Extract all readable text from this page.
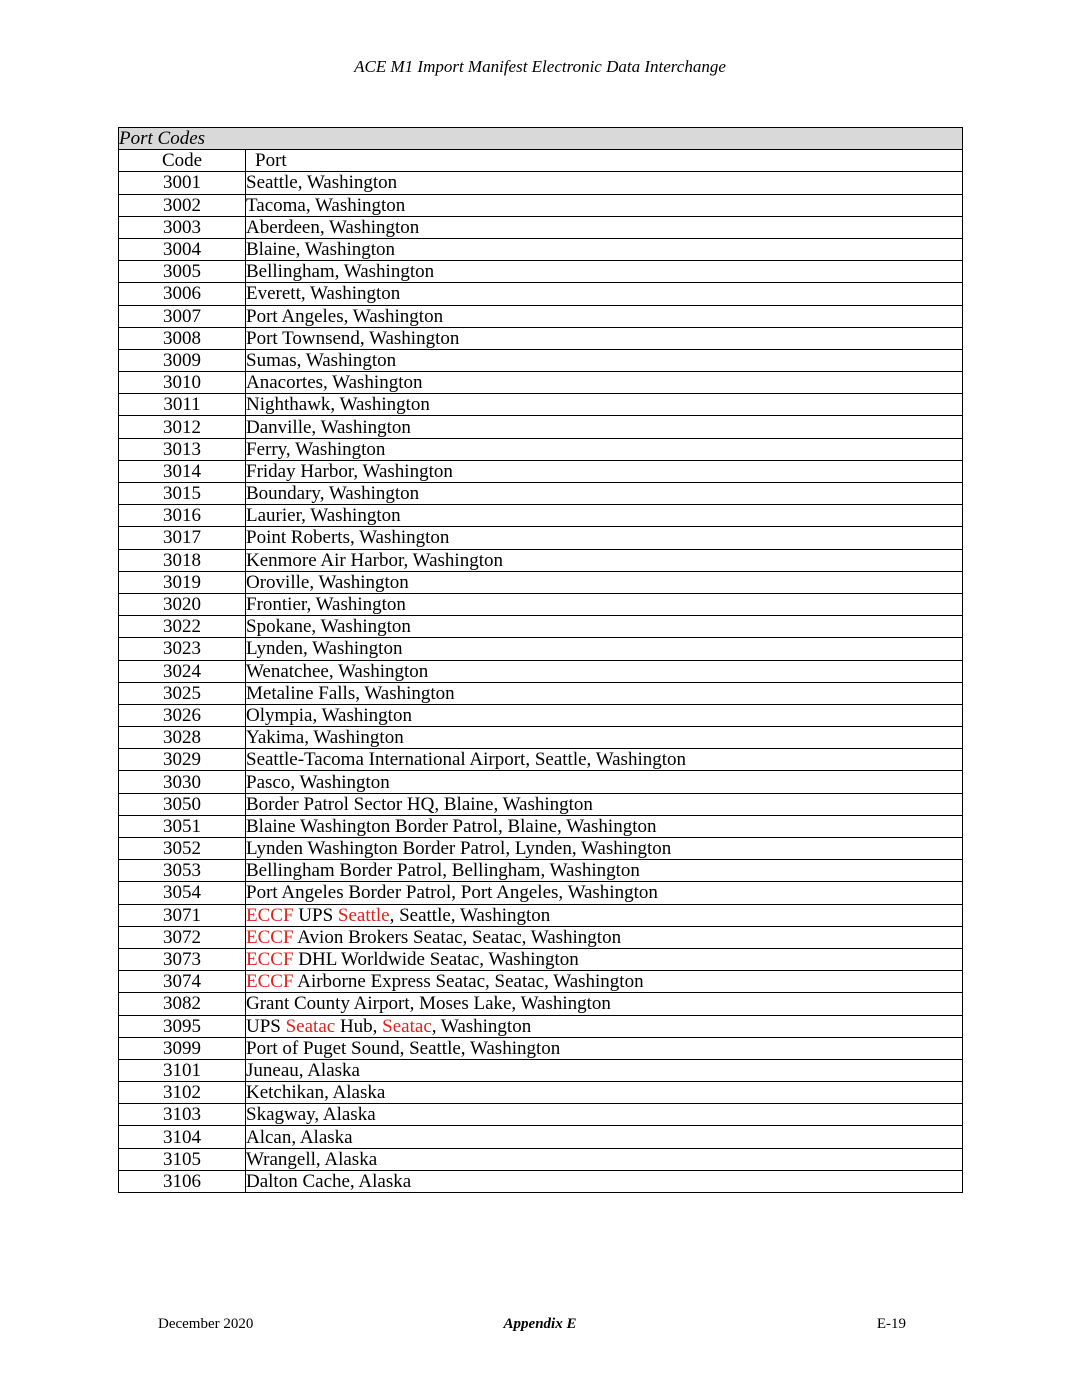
ACE M1 Import Manifest Electronic Data Interchange
Port Codes	
Code	Port
3001	Seattle, Washington
3002	Tacoma, Washington
3003	Aberdeen, Washington
3004	Blaine, Washington
3005	Bellingham, Washington
3006	Everett, Washington
3007	Port Angeles, Washington
3008	Port Townsend, Washington
3009	Sumas, Washington
3010	Anacortes, Washington
3011	Nighthawk, Washington
3012	Danville, Washington
3013	Ferry, Washington
3014	Friday Harbor, Washington
3015	Boundary, Washington
3016	Laurier, Washington
3017	Point Roberts, Washington
3018	Kenmore Air Harbor, Washington
3019	Oroville, Washington
3020	Frontier, Washington
3022	Spokane, Washington
3023	Lynden, Washington
3024	Wenatchee, Washington
3025	Metaline Falls, Washington
3026	Olympia, Washington
3028	Yakima, Washington
3029	Seattle-Tacoma International Airport, Seattle, Washington
3030	Pasco, Washington
3050	Border Patrol Sector HQ, Blaine, Washington
3051	Blaine Washington Border Patrol, Blaine, Washington
3052	Lynden Washington Border Patrol, Lynden, Washington
3053	Bellingham Border Patrol, Bellingham, Washington
3054	Port Angeles Border Patrol, Port Angeles, Washington
3071	ECCF UPS Seattle, Seattle, Washington
3072	ECCF Avion Brokers Seatac, Seatac, Washington
3073	ECCF DHL Worldwide Seatac, Washington
3074	ECCF Airborne Express Seatac, Seatac, Washington
3082	Grant County Airport, Moses Lake, Washington
3095	UPS Seatac Hub, Seatac, Washington
3099	Port of Puget Sound, Seattle, Washington
3101	Juneau, Alaska
3102	Ketchikan, Alaska
3103	Skagway, Alaska
3104	Alcan, Alaska
3105	Wrangell, Alaska
3106	Dalton Cache, Alaska
December 2020	Appendix E	E-19
